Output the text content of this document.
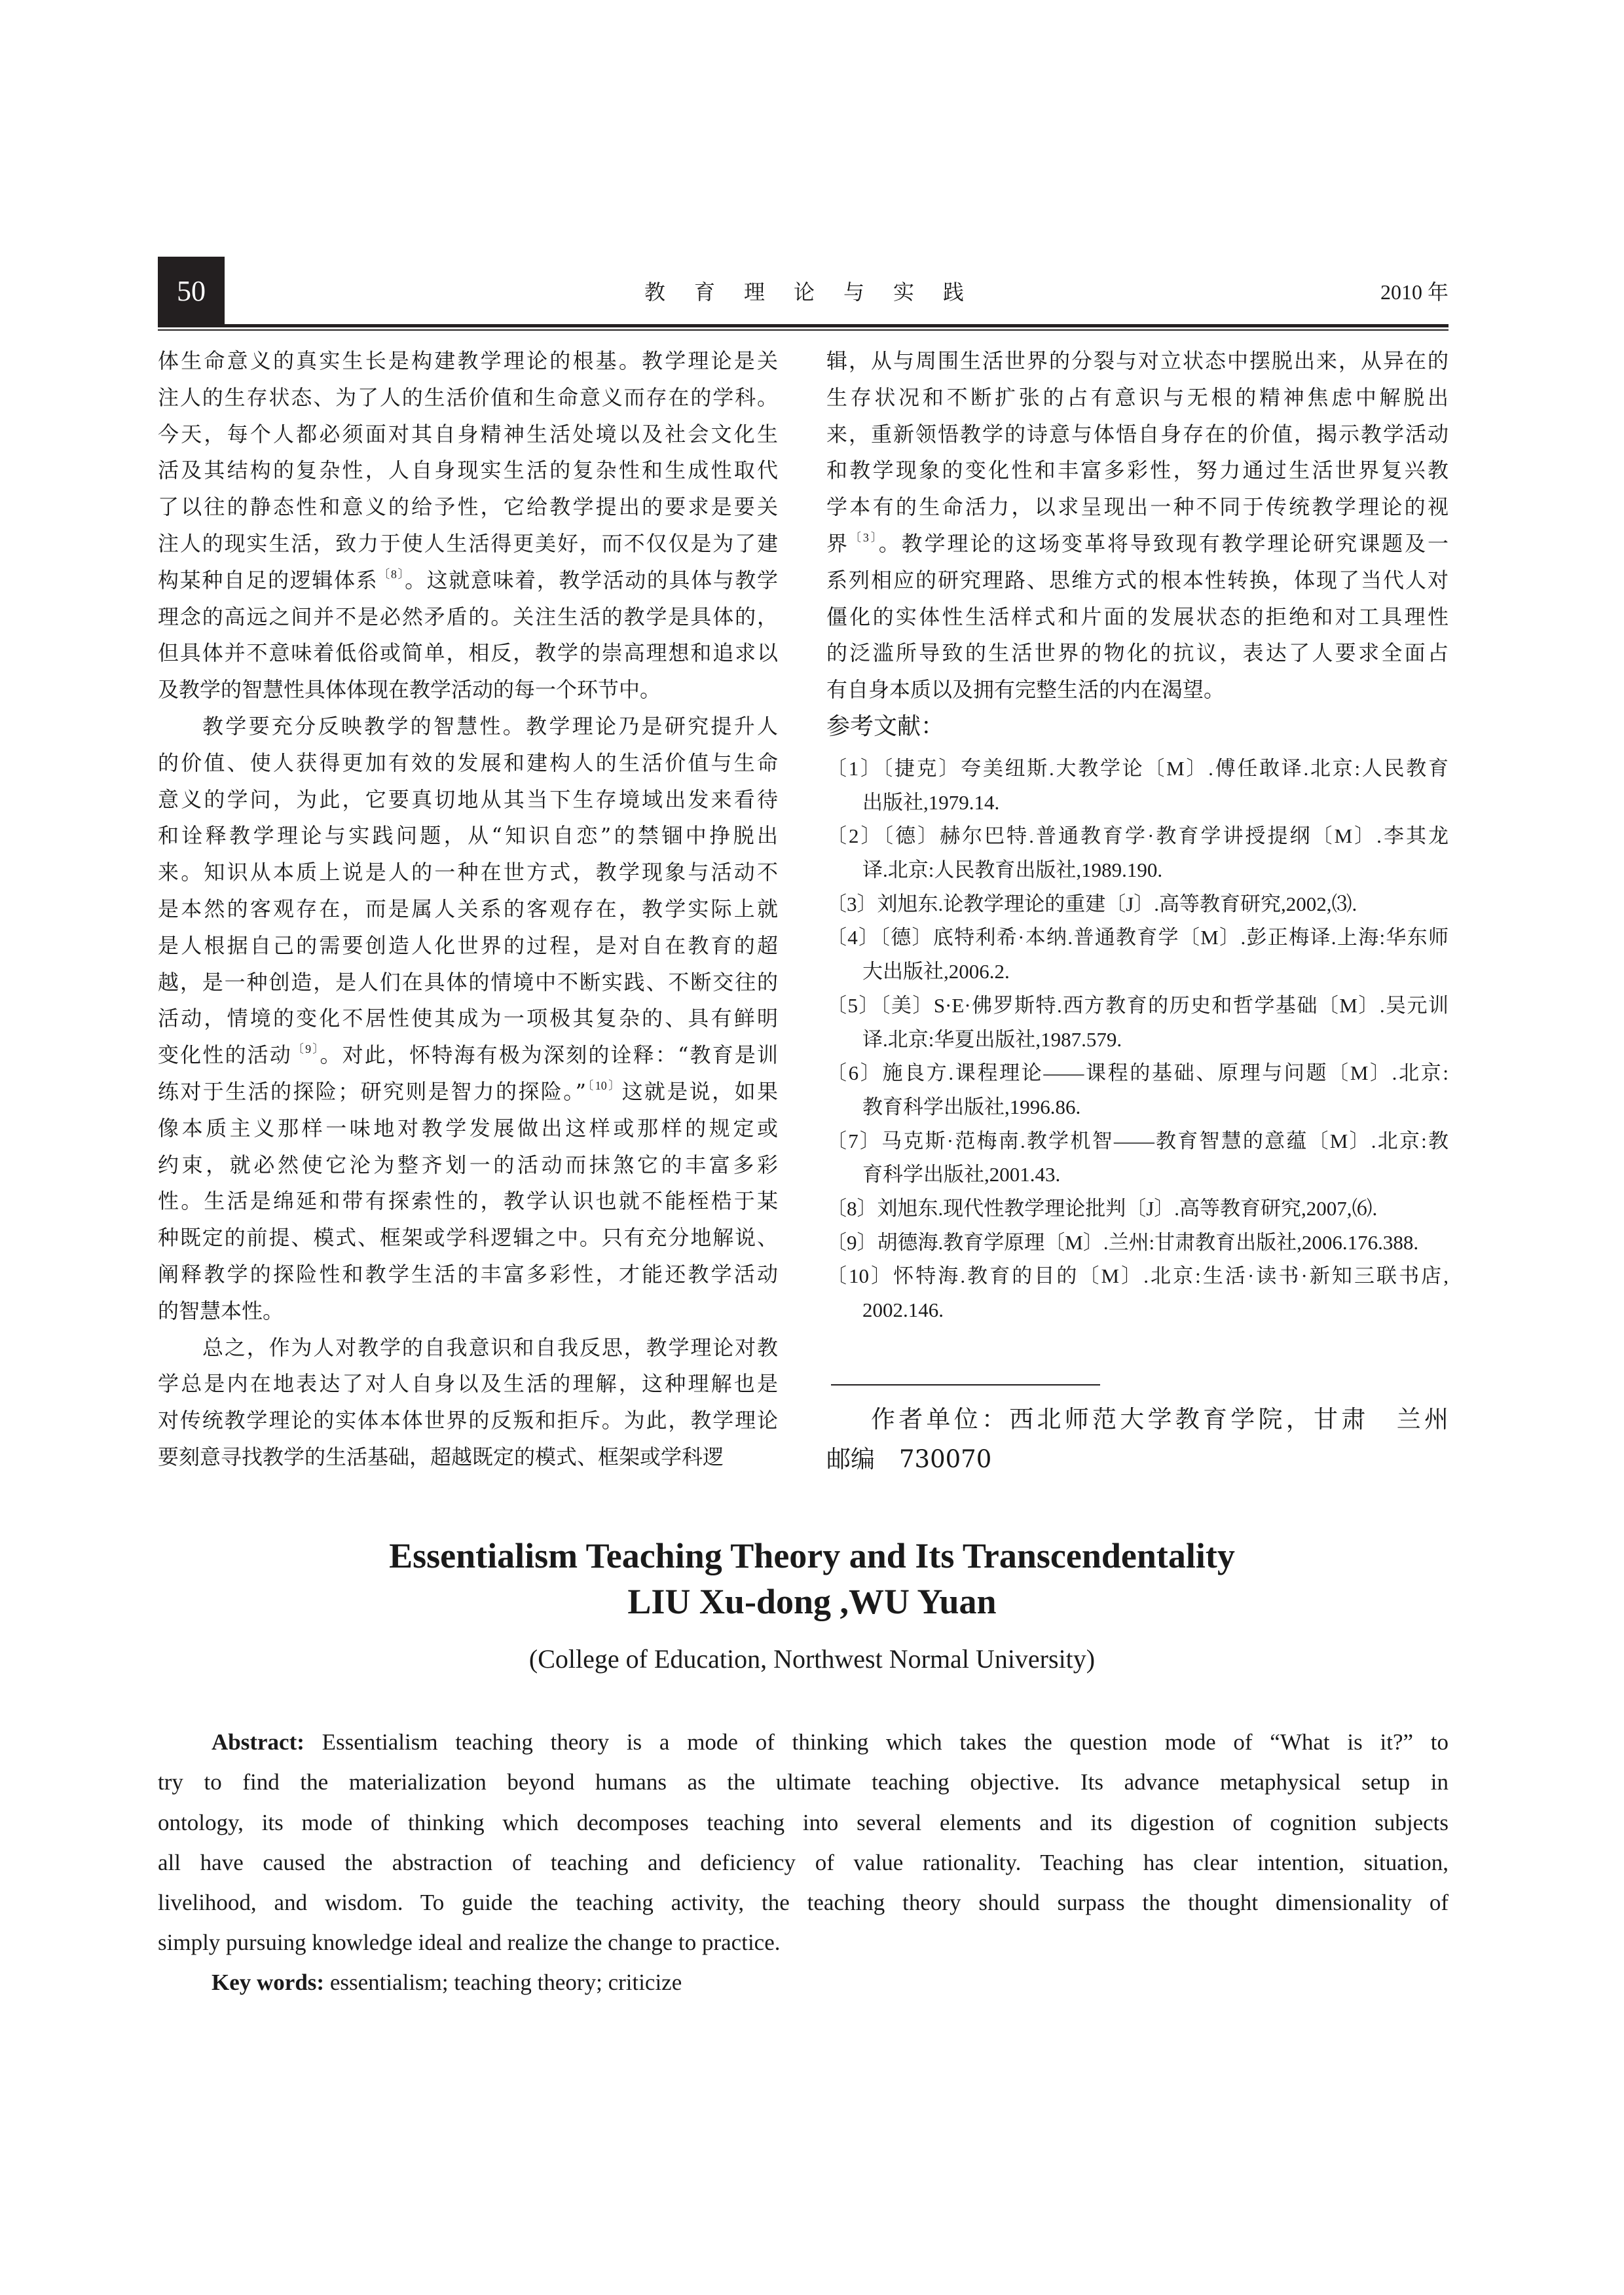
50	教育理论与实践	2010 年
体生命意义的真实生长是构建教学理论的根基。教学理论是关
注人的生存状态、为了人的生活价值和生命意义而存在的学科。
今天，每个人都必须面对其自身精神生活处境以及社会文化生
活及其结构的复杂性，人自身现实生活的复杂性和生成性取代
了以往的静态性和意义的给予性，它给教学提出的要求是要关
注人的现实生活，致力于使人生活得更美好，而不仅仅是为了建
构某种自足的逻辑体系$^{〔8〕}$。这就意味着，教学活动的具体与教学
理念的高远之间并不是必然矛盾的。关注生活的教学是具体的，
但具体并不意味着低俗或简单，相反，教学的崇高理想和追求以
及教学的智慧性具体体现在教学活动的每一个环节中。
教学要充分反映教学的智慧性。教学理论乃是研究提升人
的价值、使人获得更加有效的发展和建构人的生活价值与生命
意义的学问，为此，它要真切地从其当下生存境域出发来看待
和诠释教学理论与实践问题，从“知识自恋”的禁锢中挣脱出
来。知识从本质上说是人的一种在世方式，教学现象与活动不
是本然的客观存在，而是属人关系的客观存在，教学实际上就
是人根据自己的需要创造人化世界的过程，是对自在教育的超
越，是一种创造，是人们在具体的情境中不断实践、不断交往的
活动，情境的变化不居性使其成为一项极其复杂的、具有鲜明
变化性的活动$^{〔9〕}$。对此，怀特海有极为深刻的诠释：“教育是训
练对于生活的探险；研究则是智力的探险。”$^{〔10〕}$这就是说，如果
像本质主义那样一味地对教学发展做出这样或那样的规定或
约束，就必然使它沦为整齐划一的活动而抹煞它的丰富多彩
性。生活是绵延和带有探索性的，教学认识也就不能桎梏于某
种既定的前提、模式、框架或学科逻辑之中。只有充分地解说、
阐释教学的探险性和教学生活的丰富多彩性，才能还教学活动
的智慧本性。
总之，作为人对教学的自我意识和自我反思，教学理论对教
学总是内在地表达了对人自身以及生活的理解，这种理解也是
对传统教学理论的实体本体世界的反叛和拒斥。为此，教学理论
要刻意寻找教学的生活基础，超越既定的模式、框架或学科逻
辑，从与周围生活世界的分裂与对立状态中摆脱出来，从异在的
生存状况和不断扩张的占有意识与无根的精神焦虑中解脱出
来，重新领悟教学的诗意与体悟自身存在的价值，揭示教学活动
和教学现象的变化性和丰富多彩性，努力通过生活世界复兴教
学本有的生命活力，以求呈现出一种不同于传统教学理论的视
界$^{〔3〕}$。教学理论的这场变革将导致现有教学理论研究课题及一
系列相应的研究理路、思维方式的根本性转换，体现了当代人对
僵化的实体性生活样式和片面的发展状态的拒绝和对工具理性
的泛滥所导致的生活世界的物化的抗议，表达了人要求全面占
有自身本质以及拥有完整生活的内在渴望。
参考文献：
〔1〕〔捷克〕夸美纽斯.大教学论〔M〕.傅任敢译.北京:人民教育
出版社,1979.14.
〔2〕〔德〕赫尔巴特.普通教育学·教育学讲授提纲〔M〕.李其龙
译.北京:人民教育出版社,1989.190.
〔3〕刘旭东.论教学理论的重建〔J〕.高等教育研究,2002,⑶.
〔4〕〔德〕底特利希·本纳.普通教育学〔M〕.彭正梅译.上海:华东师
大出版社,2006.2.
〔5〕〔美〕S·E·佛罗斯特.西方教育的历史和哲学基础〔M〕.吴元训
译.北京:华夏出版社,1987.579.
〔6〕施良方.课程理论——课程的基础、原理与问题〔M〕.北京:
教育科学出版社,1996.86.
〔7〕马克斯·范梅南.教学机智——教育智慧的意蕴〔M〕.北京:教
育科学出版社,2001.43.
〔8〕刘旭东.现代性教学理论批判〔J〕.高等教育研究,2007,⑹.
〔9〕胡德海.教育学原理〔M〕.兰州:甘肃教育出版社,2006.176.388.
〔10〕怀特海.教育的目的〔M〕.北京:生活·读书·新知三联书店,
2002.146.
作者单位：西北师范大学教育学院，甘肃　兰州
邮编　730070
Essentialism Teaching Theory and Its Transcendentality
LIU Xu-dong ,WU Yuan
(College of Education, Northwest Normal University)
Abstract: Essentialism teaching theory is a mode of thinking which takes the question mode of “What is it?” to
try to find the materialization beyond humans as the ultimate teaching objective. Its advance metaphysical setup in
ontology, its mode of thinking which decomposes teaching into several elements and its digestion of cognition subjects
all have caused the abstraction of teaching and deficiency of value rationality. Teaching has clear intention, situation,
livelihood, and wisdom. To guide the teaching activity, the teaching theory should surpass the thought dimensionality of
simply pursuing knowledge ideal and realize the change to practice.
Key words: essentialism; teaching theory; criticize
